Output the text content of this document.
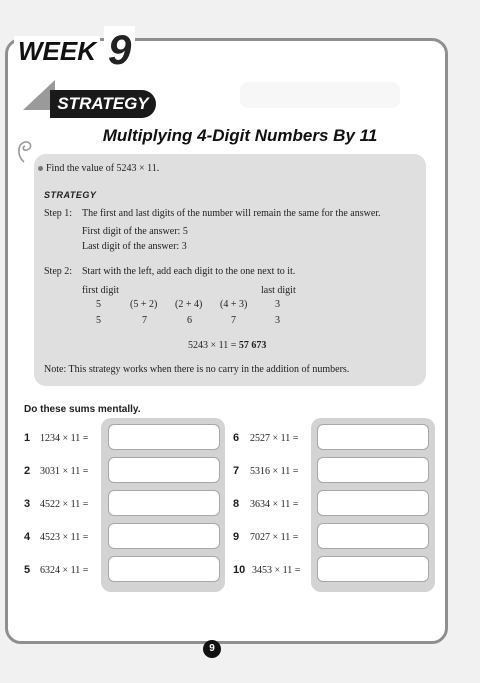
WEEK 9
STRATEGY
Multiplying 4-Digit Numbers By 11
Find the value of 5243 × 11.
STRATEGY
Step 1: The first and last digits of the number will remain the same for the answer.
First digit of the answer: 5
Last digit of the answer: 3
Step 2: Start with the left, add each digit to the one next to it.
first digit	last digit
5	(5 + 2) (2 + 4) (4 + 3)	3
5	7	6	7	3
5243 × 11 = 57 673
Note: This strategy works when there is no carry in the addition of numbers.
Do these sums mentally.
1 1234 × 11 =
2 3031 × 11 =
3 4522 × 11 =
4 4523 × 11 =
5 6324 × 11 =
6 2527 × 11 =
7 5316 × 11 =
8 3634 × 11 =
9 7027 × 11 =
10 3453 × 11 =
9
